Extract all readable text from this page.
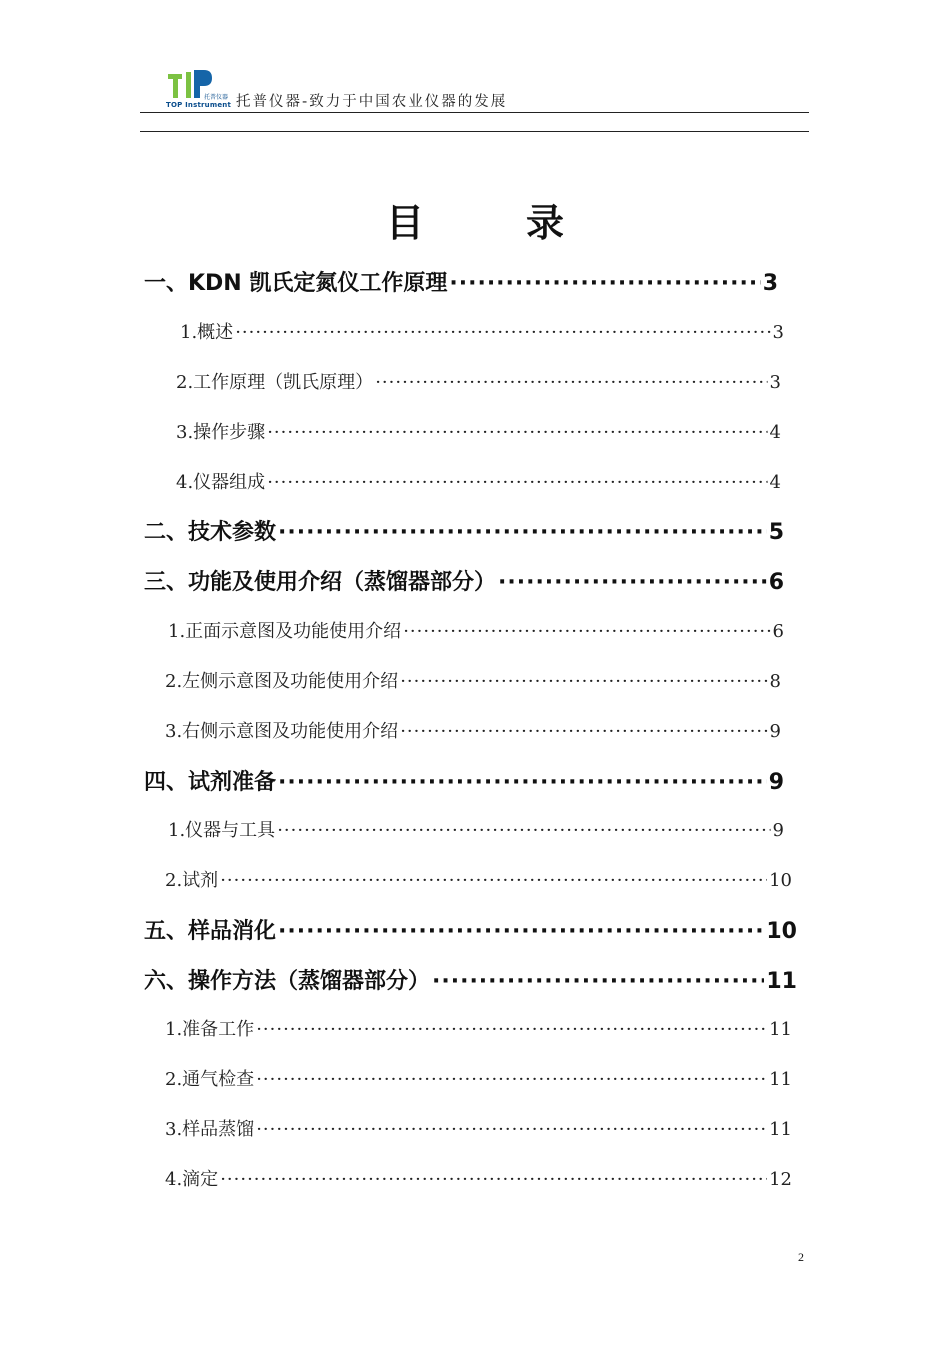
托普仪器
TOP Instrument 托普仪器-致力于中国农业仪器的发展
目录
一、KDN 凯氏定氮仪工作原理 ·····	3
1.概述 ·····	3
2.工作原理（凯氏原理） ·····	3
3.操作步骤 ·····	4
4.仪器组成 ·····	4
二、技术参数 ·····	5
三、功能及使用介绍（蒸馏器部分） ·····	6
1.正面示意图及功能使用介绍 ·····	6
2.左侧示意图及功能使用介绍 ·····	8
3.右侧示意图及功能使用介绍 ·····	9
四、试剂准备 ·····	9
1.仪器与工具 ·····	9
2.试剂 ·····	10
五、样品消化 ·····	10
六、操作方法（蒸馏器部分） ·····	11
1.准备工作 ·····	11
2.通气检查 ·····	11
3.样品蒸馏 ·····	11
4.滴定 ·····	12
2
